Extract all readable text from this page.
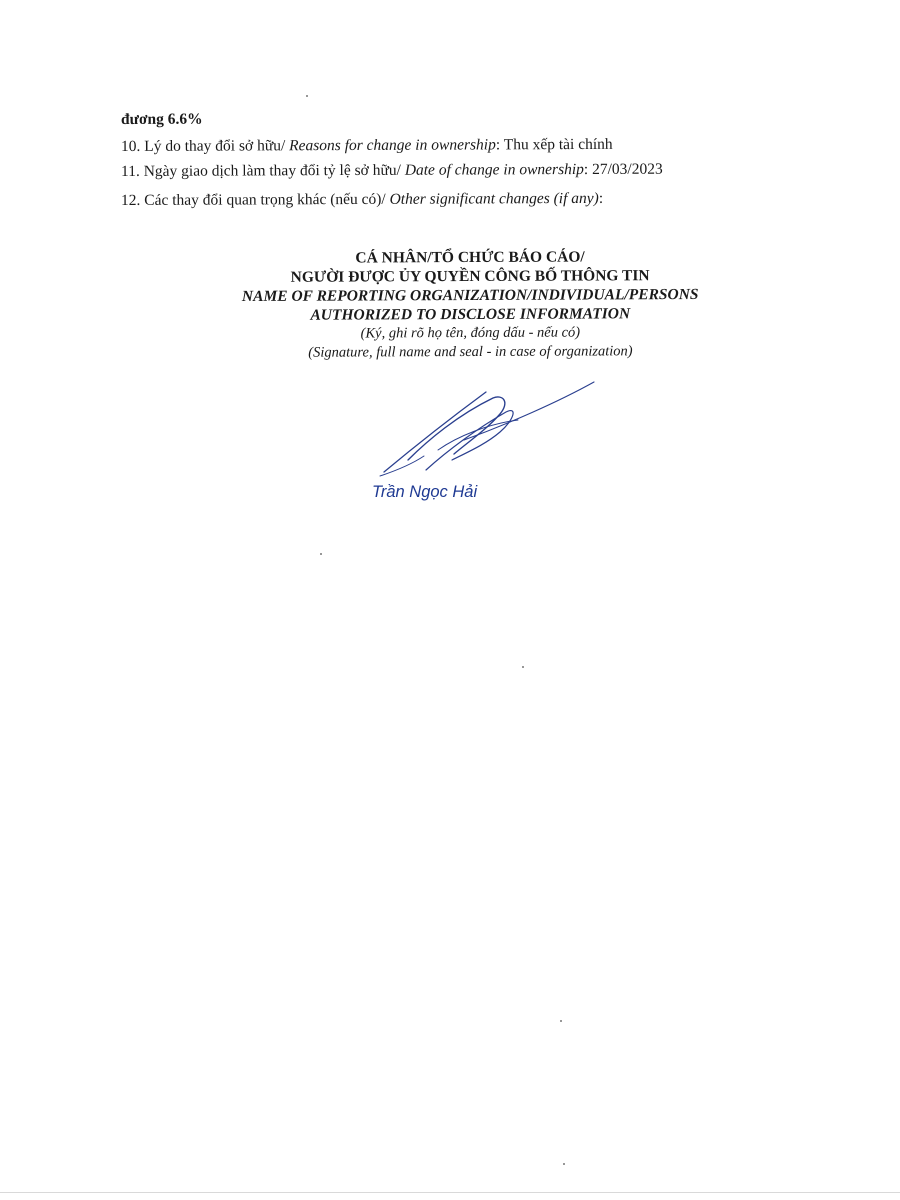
đương 6.6%
10. Lý do thay đổi sở hữu/ Reasons for change in ownership: Thu xếp tài chính
11. Ngày giao dịch làm thay đổi tỷ lệ sở hữu/ Date of change in ownership: 27/03/2023
12. Các thay đổi quan trọng khác (nếu có)/ Other significant changes (if any):
CÁ NHÂN/TỔ CHỨC BÁO CÁO/
NGƯỜI ĐƯỢC ỦY QUYỀN CÔNG BỐ THÔNG TIN
NAME OF REPORTING ORGANIZATION/INDIVIDUAL/PERSONS
AUTHORIZED TO DISCLOSE INFORMATION
(Ký, ghi rõ họ tên, đóng dấu - nếu có)
(Signature, full name and seal - in case of organization)
Trần Ngọc Hải
